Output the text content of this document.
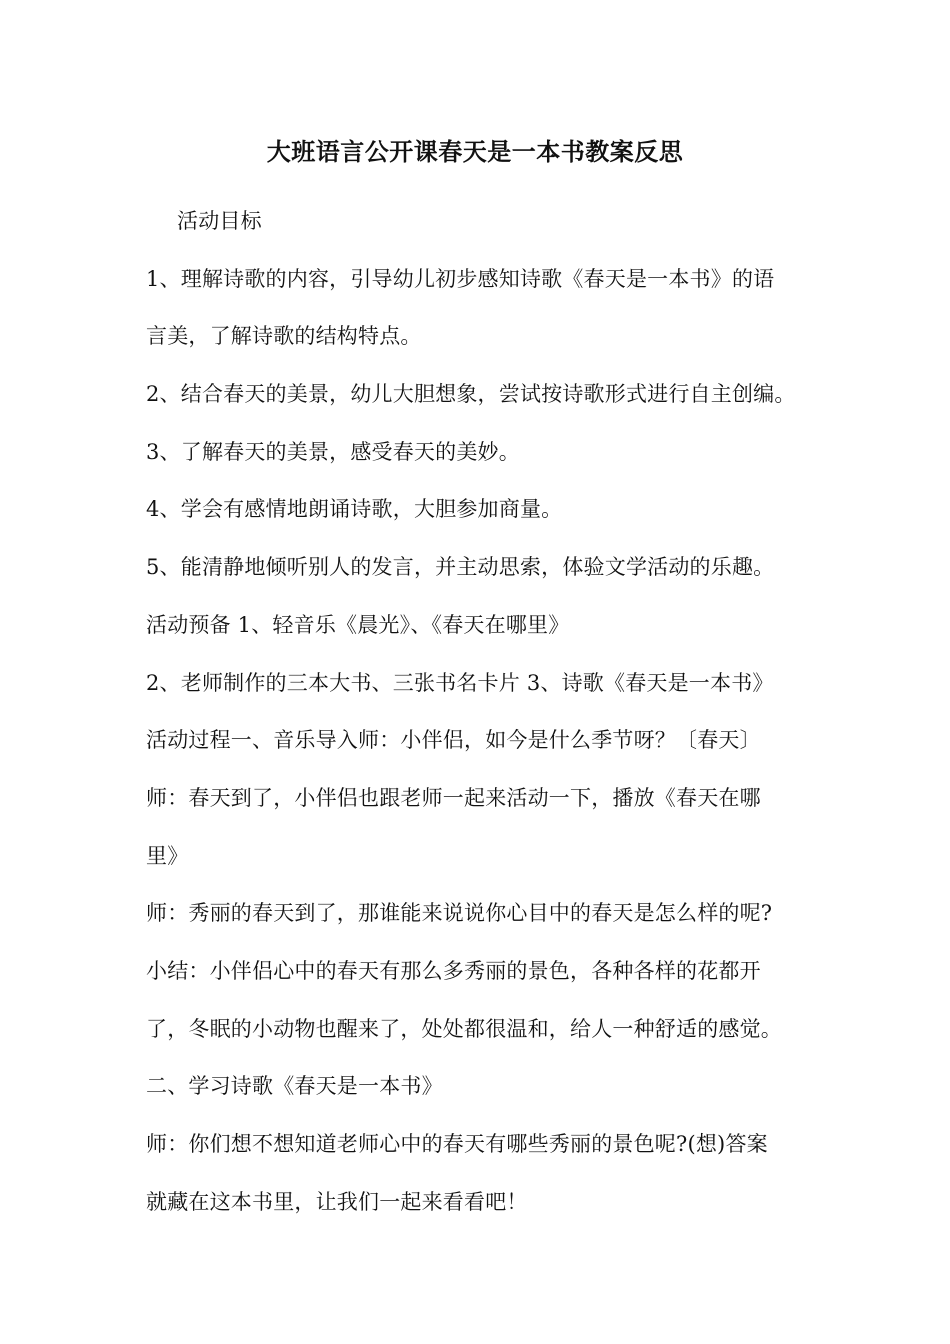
大班语言公开课春天是一本书教案反思
活动目标
1、理解诗歌的内容，引导幼儿初步感知诗歌《春天是一本书》的语
言美，了解诗歌的结构特点。
2、结合春天的美景，幼儿大胆想象，尝试按诗歌形式进行自主创编。
3、了解春天的美景，感受春天的美妙。
4、学会有感情地朗诵诗歌，大胆参加商量。
5、能清静地倾听别人的发言，并主动思索，体验文学活动的乐趣。
活动预备 1、轻音乐《晨光》、《春天在哪里》
2、老师制作的三本大书、三张书名卡片 3、诗歌《春天是一本书》
活动过程一、音乐导入师：小伴侣，如今是什么季节呀？〔春天〕
师：春天到了，小伴侣也跟老师一起来活动一下，播放《春天在哪
里》
师：秀丽的春天到了，那谁能来说说你心目中的春天是怎么样的呢?
小结：小伴侣心中的春天有那么多秀丽的景色，各种各样的花都开
了，冬眠的小动物也醒来了，处处都很温和，给人一种舒适的感觉。
二、学习诗歌《春天是一本书》
师：你们想不想知道老师心中的春天有哪些秀丽的景色呢?(想)答案
就藏在这本书里，让我们一起来看看吧！
